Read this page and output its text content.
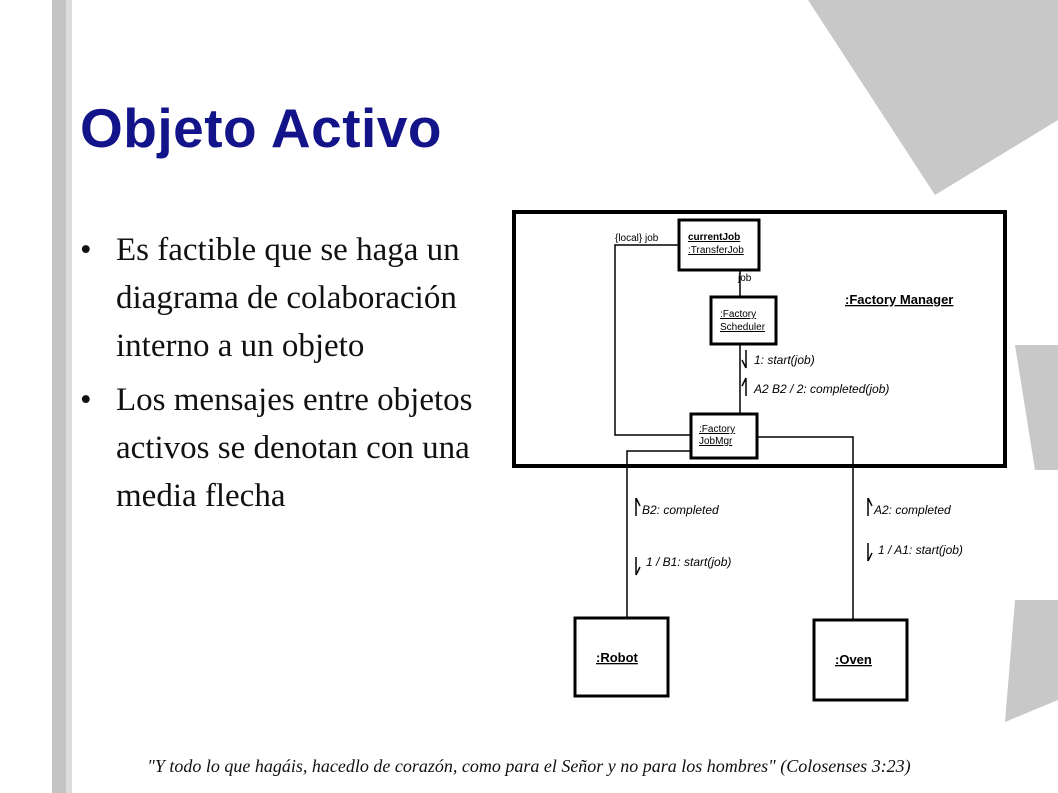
Objeto Activo
• Es factible que se haga un diagrama de colaboración interno a un objeto
• Los mensajes entre objetos activos se denotan con una media flecha
:Factory Manager
currentJob
:TransferJob
:Factory
Scheduler
:Factory
JobMgr
{local} job
job
1: start(job)
A2 B2 / 2: completed(job)
B2: completed
1 / B1: start(job)
A2: completed
1 / A1: start(job)
:Robot	:Oven
"Y todo lo que hagáis, hacedlo de corazón, como para el Señor y no para los hombres" (Colosenses 3:23)
